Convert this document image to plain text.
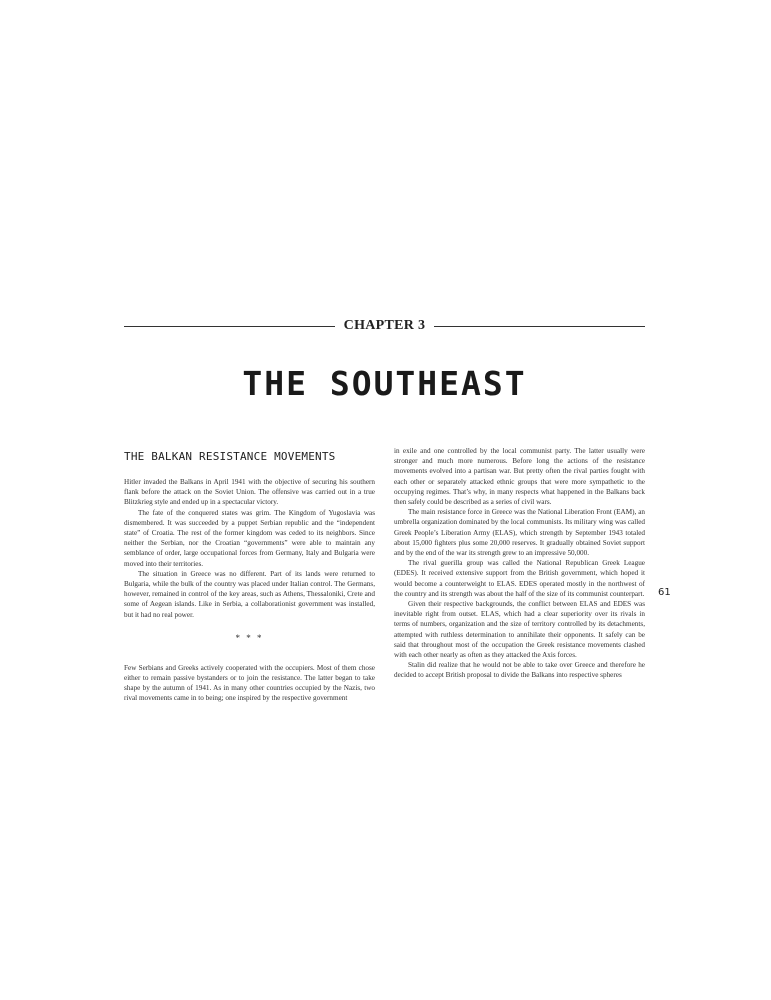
CHAPTER 3
THE SOUTHEAST
THE BALKAN RESISTANCE MOVEMENTS

Hitler invaded the Balkans in April 1941 with the objective of securing his southern flank before the attack on the Soviet Union. The offensive was carried out in a true Blitzkrieg style and ended up in a spectacular victory.

The fate of the conquered states was grim. The Kingdom of Yugoslavia was dismembered. It was succeeded by a puppet Serbian republic and the “independent state” of Croatia. The rest of the former kingdom was ceded to its neighbors. Since neither the Serbian, nor the Croatian “governments” were able to maintain any semblance of order, large occupational forces from Germany, Italy and Bulgaria were moved into their territories.

The situation in Greece was no different. Part of its lands were returned to Bulgaria, while the bulk of the country was placed under Italian control. The Germans, however, remained in control of the key areas, such as Athens, Thessaloniki, Crete and some of Aegean islands. Like in Serbia, a collaborationist government was installed, but it had no real power.

* * *

Few Serbians and Greeks actively cooperated with the occupiers. Most of them chose either to remain passive bystanders or to join the resistance. The latter began to take shape by the autumn of 1941. As in many other countries occupied by the Nazis, two rival movements came in to being; one inspired by the respective government

in exile and one controlled by the local communist party. The latter usually were stronger and much more numerous. Before long the actions of the resistance movements evolved into a partisan war. But pretty often the rival parties fought with each other or separately attacked ethnic groups that were more sympathetic to the occupying regimes. That’s why, in many respects what happened in the Balkans back then safely could be described as a series of civil wars.

The main resistance force in Greece was the National Liberation Front (EAM), an umbrella organization dominated by the local communists. Its military wing was called Greek People’s Liberation Army (ELAS), which strength by September 1943 totaled about 15,000 fighters plus some 20,000 reserves. It gradually obtained Soviet support and by the end of the war its strength grew to an impressive 50,000.

The rival guerilla group was called the National Republican Greek League (EDES). It received extensive support from the British government, which hoped it would become a counterweight to ELAS. EDES operated mostly in the northwest of the country and its strength was about the half of the size of its communist counterpart.

Given their respective backgrounds, the conflict between ELAS and EDES was inevitable right from outset. ELAS, which had a clear superiority over its rivals in terms of numbers, organization and the size of territory controlled by its detachments, attempted with ruthless determination to annihilate their opponents. It safely can be said that throughout most of the occupation the Greek resistance movements clashed with each other nearly as often as they attacked the Axis forces.

Stalin did realize that he would not be able to take over Greece and therefore he decided to accept British proposal to divide the Balkans into respective spheres

61
